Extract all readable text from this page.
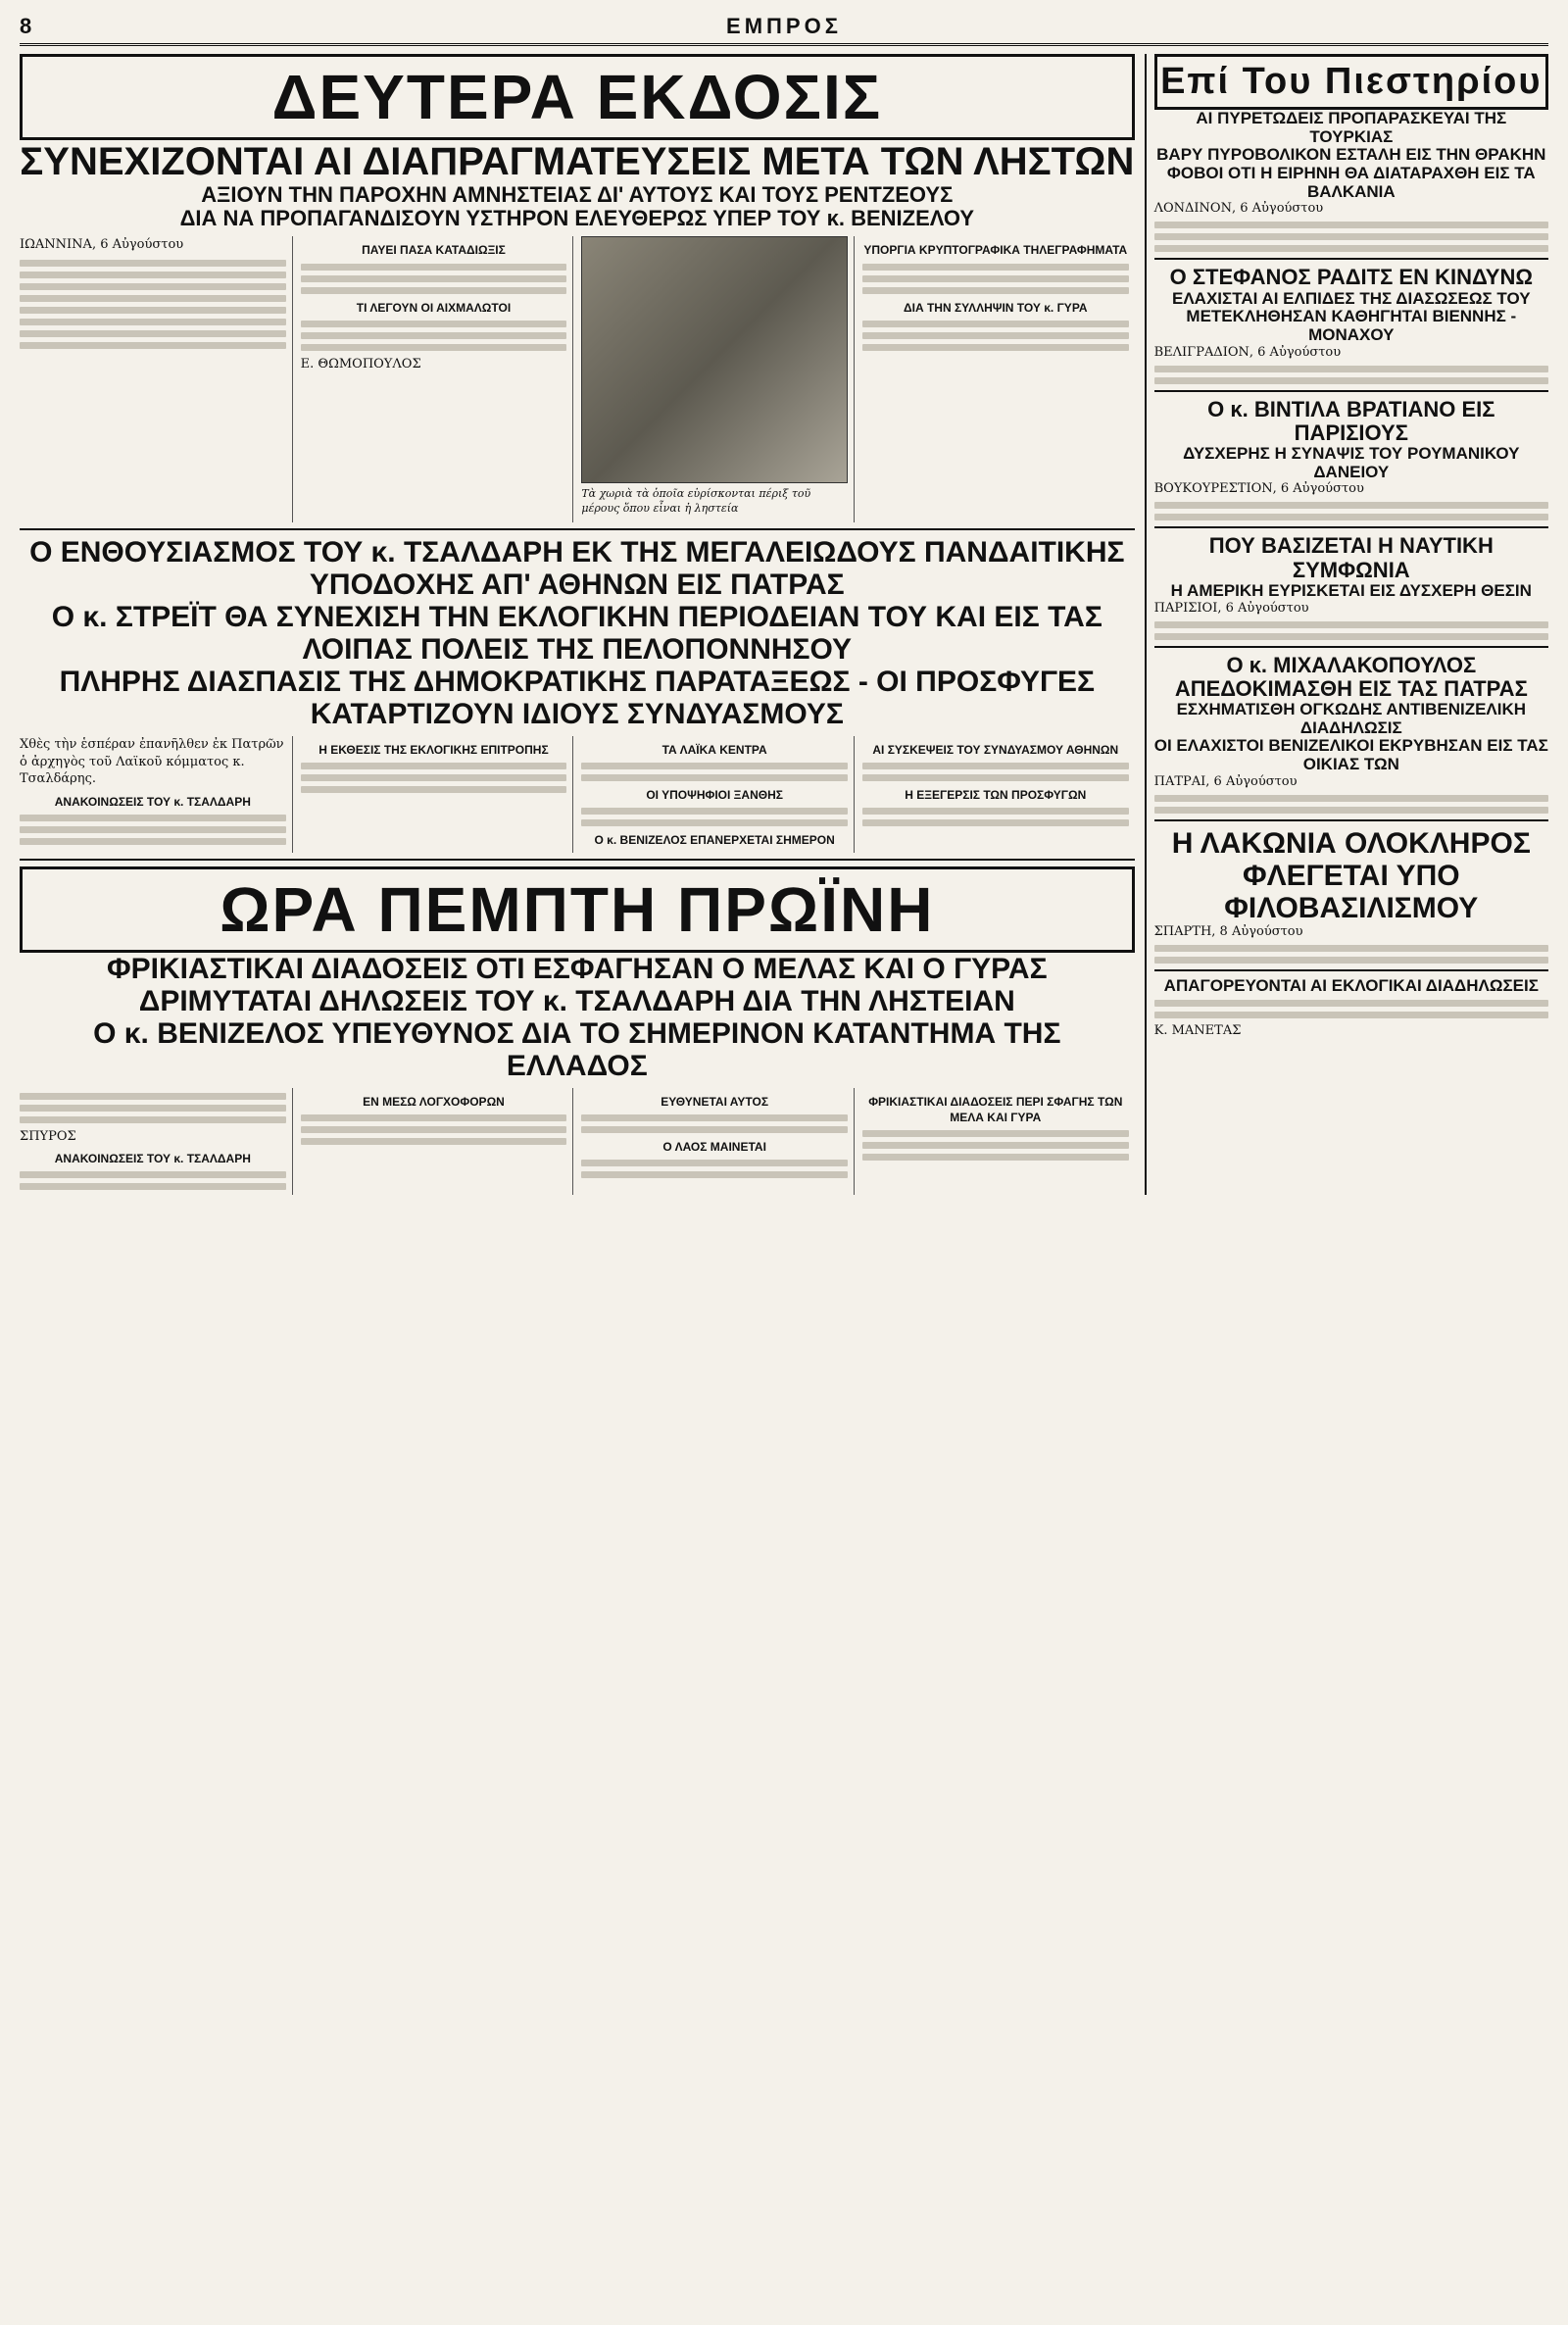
8	ΕΜΠΡΟΣ
ΔΕΥΤΕΡΑ ΕΚΔΟΣΙΣ
ΣΥΝΕΧΙΖΟΝΤΑΙ ΑΙ ΔΙΑΠΡΑΓΜΑΤΕΥΣΕΙΣ ΜΕΤΑ ΤΩΝ ΛΗΣΤΩΝ
ΑΞΙΟΥΝ ΤΗΝ ΠΑΡΟΧΗΝ ΑΜΝΗΣΤΕΙΑΣ ΔΙ' ΑΥΤΟΥΣ ΚΑΙ ΤΟΥΣ ΡΕΝΤΖΕΟΥΣ
ΔΙΑ ΝΑ ΠΡΟΠΑΓΑΝΔΙΣΟΥΝ ΥΣΤΗΡΟΝ ΕΛΕΥΘΕΡΩΣ ΥΠΕΡ ΤΟΥ κ. ΒΕΝΙΖΕΛΟΥ
ΙΩΑΝΝΙΝΑ, 6 Αὐγούστου	ΠΑΥΕΙ ΠΑΣΑ ΚΑΤΑΔΙΩΞΙΣ
ΤΙ ΛΕΓΟΥΝ ΟΙ ΑΙΧΜΑΛΩΤΟΙ
Ε. ΘΩΜΟΠΟΥΛΟΣ
Τὰ χωριὰ τὰ ὁποῖα εὑρίσκονται πέριξ τοῦ μέρους ὅπου εἶναι ἡ ληστεία
ΥΠΟΡΓΙΑ ΚΡΥΠΤΟΓΡΑΦΙΚΑ ΤΗΛΕΓΡΑΦΗΜΑΤΑ
ΔΙΑ ΤΗΝ ΣΥΛΛΗΨΙΝ ΤΟΥ κ. ΓΥΡΑ
Ο ΕΝΘΟΥΣΙΑΣΜΟΣ ΤΟΥ κ. ΤΣΑΛΔΑΡΗ ΕΚ ΤΗΣ ΜΕΓΑΛΕΙΩΔΟΥΣ ΠΑΝΔΑΙΤΙΚΗΣ ΥΠΟΔΟΧΗΣ ΑΠ' ΑΘΗΝΩΝ ΕΙΣ ΠΑΤΡΑΣ
Ο κ. ΣΤΡΕΪΤ ΘΑ ΣΥΝΕΧΙΣΗ ΤΗΝ ΕΚΛΟΓΙΚΗΝ ΠΕΡΙΟΔΕΙΑΝ ΤΟΥ ΚΑΙ ΕΙΣ ΤΑΣ ΛΟΙΠΑΣ ΠΟΛΕΙΣ ΤΗΣ ΠΕΛΟΠΟΝΝΗΣΟΥ
ΠΛΗΡΗΣ ΔΙΑΣΠΑΣΙΣ ΤΗΣ ΔΗΜΟΚΡΑΤΙΚΗΣ ΠΑΡΑΤΑΞΕΩΣ - ΟΙ ΠΡΟΣΦΥΓΕΣ ΚΑΤΑΡΤΙΖΟΥΝ ΙΔΙΟΥΣ ΣΥΝΔΥΑΣΜΟΥΣ
Χθὲς τὴν ἑσπέραν ἐπανῆλθεν ἐκ Πατρῶν ὁ ἀρχηγὸς τοῦ Λαϊκοῦ κόμματος κ. Τσαλδάρης.
ΑΝΑΚΟΙΝΩΣΕΙΣ ΤΟΥ κ. ΤΣΑΛΔΑΡΗ
Η ΕΚΘΕΣΙΣ ΤΗΣ ΕΚΛΟΓΙΚΗΣ ΕΠΙΤΡΟΠΗΣ	ΤΑ ΛΑΪΚΑ ΚΕΝΤΡΑ
ΟΙ ΥΠΟΨΗΦΙΟΙ ΞΑΝΘΗΣ
Ο κ. ΒΕΝΙΖΕΛΟΣ ΕΠΑΝΕΡΧΕΤΑΙ ΣΗΜΕΡΟΝ
ΑΙ ΣΥΣΚΕΨΕΙΣ ΤΟΥ ΣΥΝΔΥΑΣΜΟΥ ΑΘΗΝΩΝ
Η ΕΞΕΓΕΡΣΙΣ ΤΩΝ ΠΡΟΣΦΥΓΩΝ
ΩΡΑ ΠΕΜΠΤΗ ΠΡΩΪΝΗ
ΦΡΙΚΙΑΣΤΙΚΑΙ ΔΙΑΔΟΣΕΙΣ ΟΤΙ ΕΣΦΑΓΗΣΑΝ Ο ΜΕΛΑΣ ΚΑΙ Ο ΓΥΡΑΣ
ΔΡΙΜΥΤΑΤΑΙ ΔΗΛΩΣΕΙΣ ΤΟΥ κ. ΤΣΑΛΔΑΡΗ ΔΙΑ ΤΗΝ ΛΗΣΤΕΙΑΝ
Ο κ. ΒΕΝΙΖΕΛΟΣ ΥΠΕΥΘΥΝΟΣ ΔΙΑ ΤΟ ΣΗΜΕΡΙΝΟΝ ΚΑΤΑΝΤΗΜΑ ΤΗΣ ΕΛΛΑΔΟΣ
ΣΠΥΡΟΣ
ΑΝΑΚΟΙΝΩΣΕΙΣ ΤΟΥ κ. ΤΣΑΛΔΑΡΗ
ΕΝ ΜΕΣΩ ΛΟΓΧΟΦΟΡΩΝ	ΕΥΘΥΝΕΤΑΙ ΑΥΤΟΣ
Ο ΛΑΟΣ ΜΑΙΝΕΤΑΙ
ΦΡΙΚΙΑΣΤΙΚΑΙ ΔΙΑΔΟΣΕΙΣ ΠΕΡΙ ΣΦΑΓΗΣ ΤΩΝ ΜΕΛΑ ΚΑΙ ΓΥΡΑ
Επί Του Πιεστηρίου
ΑΙ ΠΥΡΕΤΩΔΕΙΣ ΠΡΟΠΑΡΑΣΚΕΥΑΙ ΤΗΣ ΤΟΥΡΚΙΑΣ
ΒΑΡΥ ΠΥΡΟΒΟΛΙΚΟΝ ΕΣΤΑΛΗ ΕΙΣ ΤΗΝ ΘΡΑΚΗΝ
ΦΟΒΟΙ ΟΤΙ Η ΕΙΡΗΝΗ ΘΑ ΔΙΑΤΑΡΑΧΘΗ ΕΙΣ ΤΑ ΒΑΛΚΑΝΙΑ
ΛΟΝΔΙΝΟΝ, 6 Αὐγούστου
Ο ΣΤΕΦΑΝΟΣ ΡΑΔΙΤΣ ΕΝ ΚΙΝΔΥΝΩ
ΕΛΑΧΙΣΤΑΙ ΑΙ ΕΛΠΙΔΕΣ ΤΗΣ ΔΙΑΣΩΣΕΩΣ ΤΟΥ
ΜΕΤΕΚΛΗΘΗΣΑΝ ΚΑΘΗΓΗΤΑΙ ΒΙΕΝΝΗΣ - ΜΟΝΑΧΟΥ
ΒΕΛΙΓΡΑΔΙΟΝ, 6 Αὐγούστου
Ο κ. ΒΙΝΤΙΛΑ ΒΡΑΤΙΑΝΟ ΕΙΣ ΠΑΡΙΣΙΟΥΣ
ΔΥΣΧΕΡΗΣ Η ΣΥΝΑΨΙΣ ΤΟΥ ΡΟΥΜΑΝΙΚΟΥ ΔΑΝΕΙΟΥ
ΒΟΥΚΟΥΡΕΣΤΙΟΝ, 6 Αὐγούστου
ΠΟΥ ΒΑΣΙΖΕΤΑΙ Η ΝΑΥΤΙΚΗ ΣΥΜΦΩΝΙΑ
Η ΑΜΕΡΙΚΗ ΕΥΡΙΣΚΕΤΑΙ ΕΙΣ ΔΥΣΧΕΡΗ ΘΕΣΙΝ
ΠΑΡΙΣΙΟΙ, 6 Αὐγούστου
Ο κ. ΜΙΧΑΛΑΚΟΠΟΥΛΟΣ ΑΠΕΔΟΚΙΜΑΣΘΗ ΕΙΣ ΤΑΣ ΠΑΤΡΑΣ
ΕΣΧΗΜΑΤΙΣΘΗ ΟΓΚΩΔΗΣ ΑΝΤΙΒΕΝΙΖΕΛΙΚΗ ΔΙΑΔΗΛΩΣΙΣ
ΟΙ ΕΛΑΧΙΣΤΟΙ ΒΕΝΙΖΕΛΙΚΟΙ ΕΚΡΥΒΗΣΑΝ ΕΙΣ ΤΑΣ ΟΙΚΙΑΣ ΤΩΝ
ΠΑΤΡΑΙ, 6 Αὐγούστου
Η ΛΑΚΩΝΙΑ ΟΛΟΚΛΗΡΟΣ ΦΛΕΓΕΤΑΙ ΥΠΟ ΦΙΛΟΒΑΣΙΛΙΣΜΟΥ
ΣΠΑΡΤΗ, 8 Αὐγούστου
ΑΠΑΓΟΡΕΥΟΝΤΑΙ ΑΙ ΕΚΛΟΓΙΚΑΙ ΔΙΑΔΗΛΩΣΕΙΣ
Κ. ΜΑΝΕΤΑΣ
